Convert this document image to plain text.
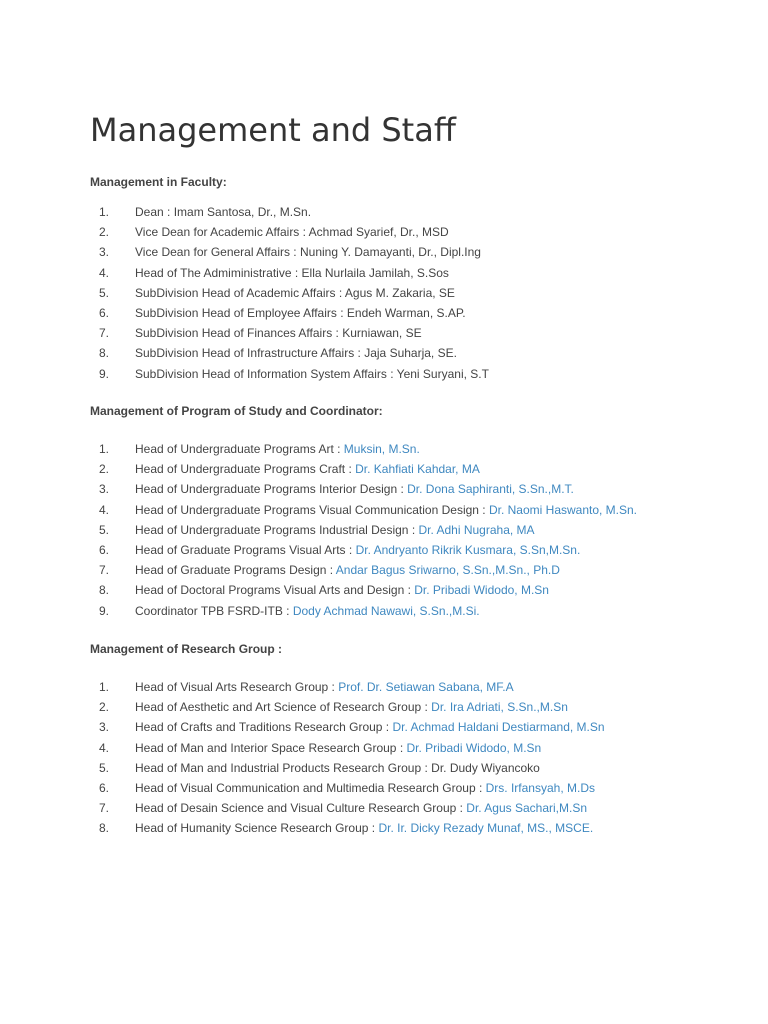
Management and Staff

Management in Faculty:

1.	Dean : Imam Santosa, Dr., M.Sn.
2.	Vice Dean for Academic Affairs : Achmad Syarief, Dr., MSD
3.	Vice Dean for General Affairs : Nuning Y. Damayanti, Dr., Dipl.Ing
4.	Head of The Admiministrative : Ella Nurlaila Jamilah, S.Sos
5.	SubDivision Head of Academic Affairs : Agus M. Zakaria, SE
6.	SubDivision Head of Employee Affairs : Endeh Warman, S.AP.
7.	SubDivision Head of Finances Affairs : Kurniawan, SE
8.	SubDivision Head of Infrastructure Affairs : Jaja Suharja, SE.
9.	SubDivision Head of Information System Affairs : Yeni Suryani, S.T

Management of Program of Study and Coordinator:

1.	Head of Undergraduate Programs Art : Muksin, M.Sn.
2.	Head of Undergraduate Programs Craft : Dr. Kahfiati Kahdar, MA
3.	Head of Undergraduate Programs Interior Design : Dr. Dona Saphiranti, S.Sn.,M.T.
4.	Head of Undergraduate Programs Visual Communication Design : Dr. Naomi Haswanto, M.Sn.
5.	Head of Undergraduate Programs Industrial Design : Dr. Adhi Nugraha, MA
6.	Head of Graduate Programs Visual Arts : Dr. Andryanto Rikrik Kusmara, S.Sn,M.Sn.
7.	Head of Graduate Programs Design : Andar Bagus Sriwarno, S.Sn.,M.Sn., Ph.D
8.	Head of Doctoral Programs Visual Arts and Design : Dr. Pribadi Widodo, M.Sn
9.	Coordinator TPB FSRD-ITB : Dody Achmad Nawawi, S.Sn.,M.Si.

Management of Research Group :

1.	Head of Visual Arts Research Group : Prof. Dr. Setiawan Sabana, MF.A
2.	Head of Aesthetic and Art Science of Research Group : Dr. Ira Adriati, S.Sn.,M.Sn
3.	Head of Crafts and Traditions Research Group : Dr. Achmad Haldani Destiarmand, M.Sn
4.	Head of Man and Interior Space Research Group : Dr. Pribadi Widodo, M.Sn
5.	Head of Man and Industrial Products Research Group : Dr. Dudy Wiyancoko
6.	Head of Visual Communication and Multimedia Research Group : Drs. Irfansyah, M.Ds
7.	Head of Desain Science and Visual Culture Research Group : Dr. Agus Sachari,M.Sn
8.	Head of Humanity Science Research Group : Dr. Ir. Dicky Rezady Munaf, MS., MSCE.
